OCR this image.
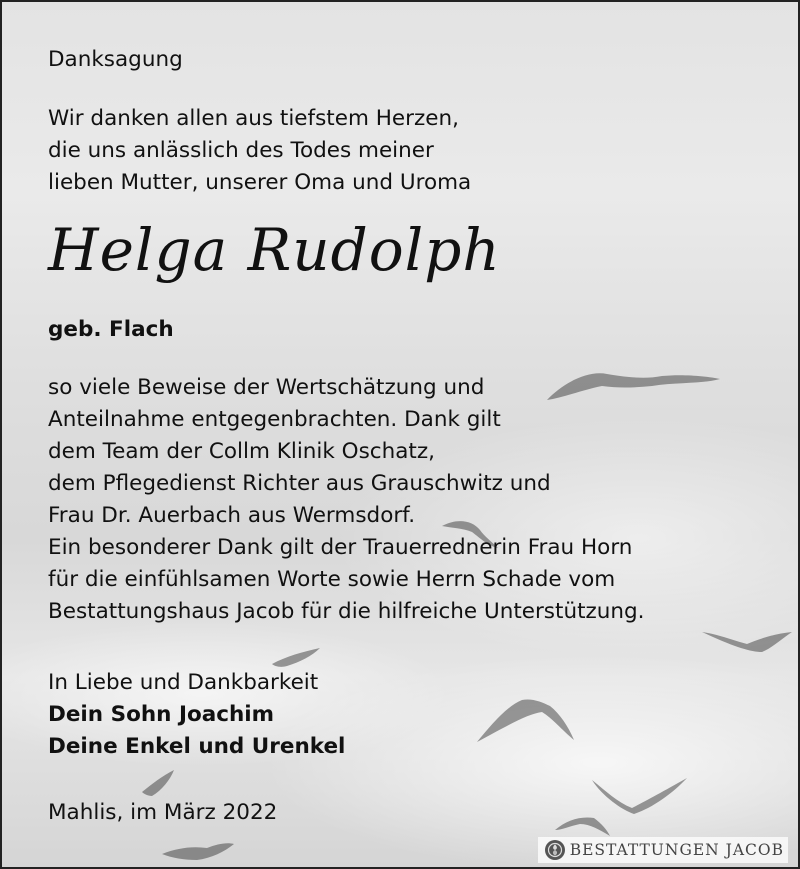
Danksagung

Wir danken allen aus tiefstem Herzen,
die uns anlässlich des Todes meiner
lieben Mutter, unserer Oma und Uroma

Helga Rudolph

geb. Flach

so viele Beweise der Wertschätzung und
Anteilnahme entgegenbrachten. Dank gilt
dem Team der Collm Klinik Oschatz,
dem Pflegedienst Richter aus Grauschwitz und
Frau Dr. Auerbach aus Wermsdorf.
Ein besonderer Dank gilt der Trauerrednerin Frau Horn
für die einfühlsamen Worte sowie Herrn Schade vom
Bestattungshaus Jacob für die hilfreiche Unterstützung.

In Liebe und Dankbarkeit

Dein Sohn Joachim

Deine Enkel und Urenkel

Mahlis, im März 2022

BESTATTUNGEN JACOB
